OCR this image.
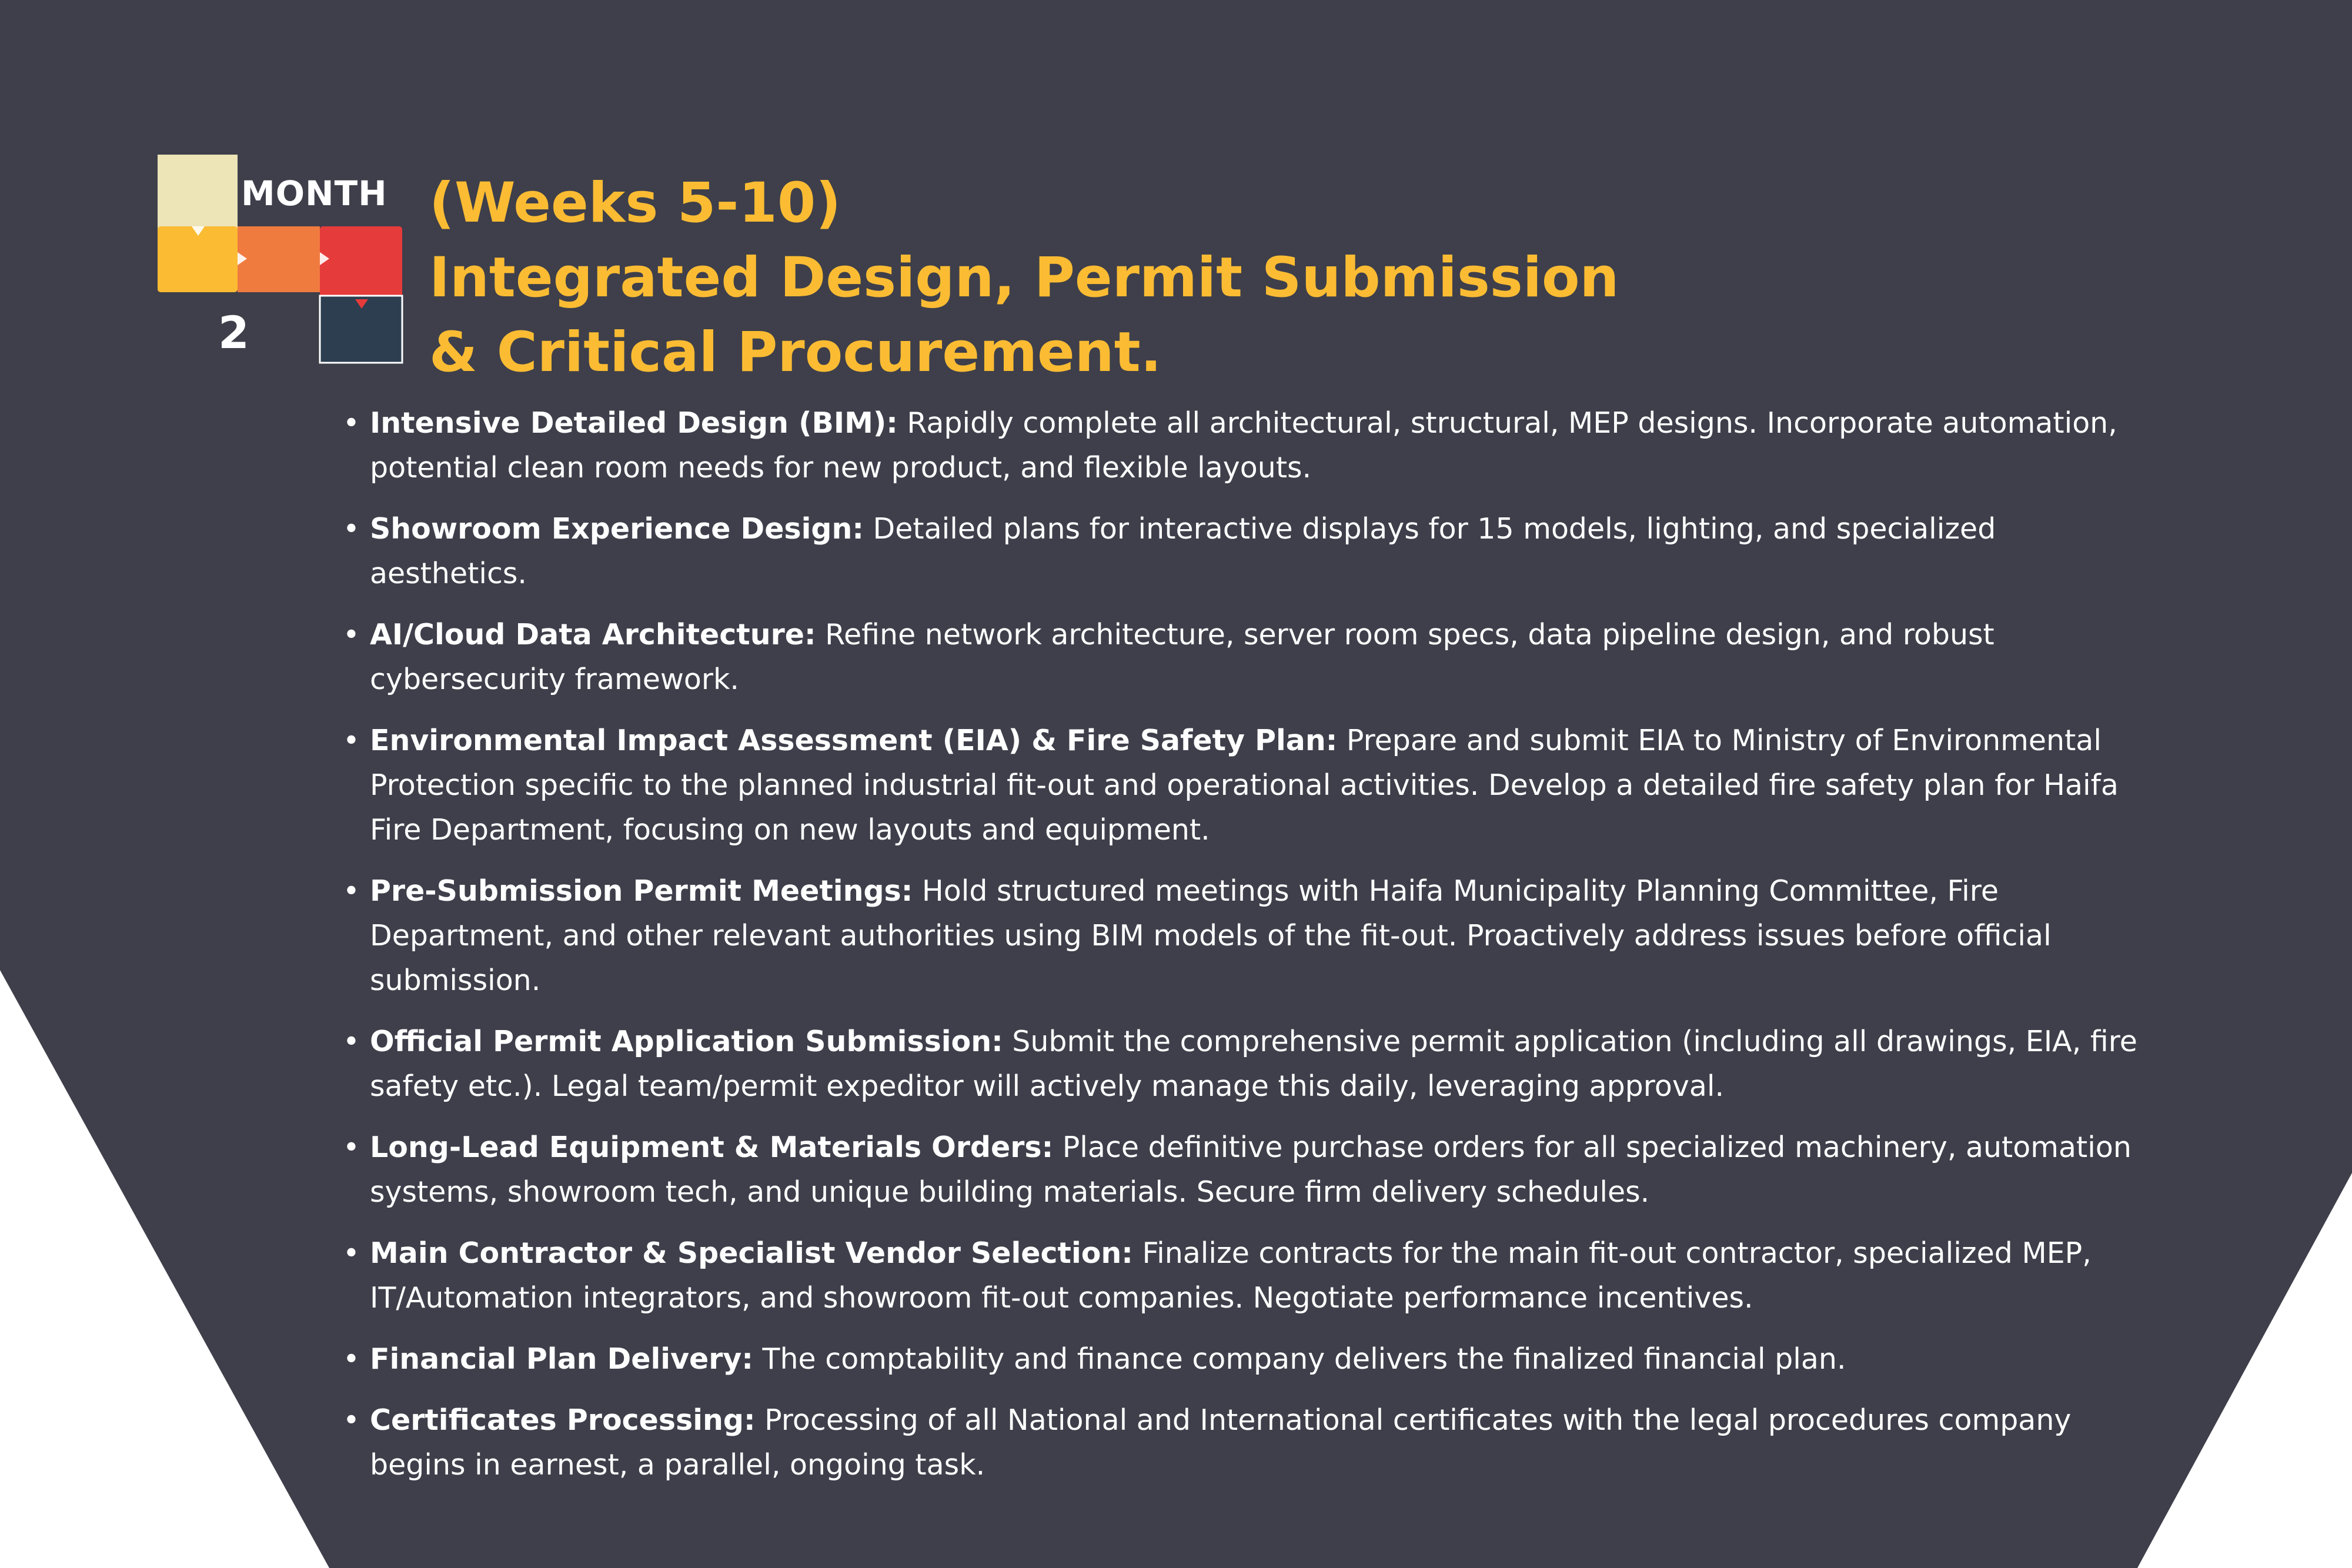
MONTH
2
(Weeks 5-10)
Integrated Design, Permit Submission
& Critical Procurement.
• Intensive Detailed Design (BIM): Rapidly complete all architectural, structural, MEP designs. Incorporate automation, potential clean room needs for new product, and flexible layouts.
• Showroom Experience Design: Detailed plans for interactive displays for 15 models, lighting, and specialized aesthetics.
• AI/Cloud Data Architecture: Refine network architecture, server room specs, data pipeline design, and robust cybersecurity framework.
• Environmental Impact Assessment (EIA) & Fire Safety Plan: Prepare and submit EIA to Ministry of Environmental Protection specific to the planned industrial fit-out and operational activities. Develop a detailed fire safety plan for Haifa Fire Department, focusing on new layouts and equipment.
• Pre-Submission Permit Meetings: Hold structured meetings with Haifa Municipality Planning Committee, Fire Department, and other relevant authorities using BIM models of the fit-out. Proactively address issues before official submission.
• Official Permit Application Submission: Submit the comprehensive permit application (including all drawings, EIA, fire safety etc.). Legal team/permit expeditor will actively manage this daily, leveraging approval.
• Long-Lead Equipment & Materials Orders: Place definitive purchase orders for all specialized machinery, automation systems, showroom tech, and unique building materials. Secure firm delivery schedules.
• Main Contractor & Specialist Vendor Selection: Finalize contracts for the main fit-out contractor, specialized MEP, IT/Automation integrators, and showroom fit-out companies. Negotiate performance incentives.
• Financial Plan Delivery: The comptability and finance company delivers the finalized financial plan.
• Certificates Processing: Processing of all National and International certificates with the legal procedures company begins in earnest, a parallel, ongoing task.
